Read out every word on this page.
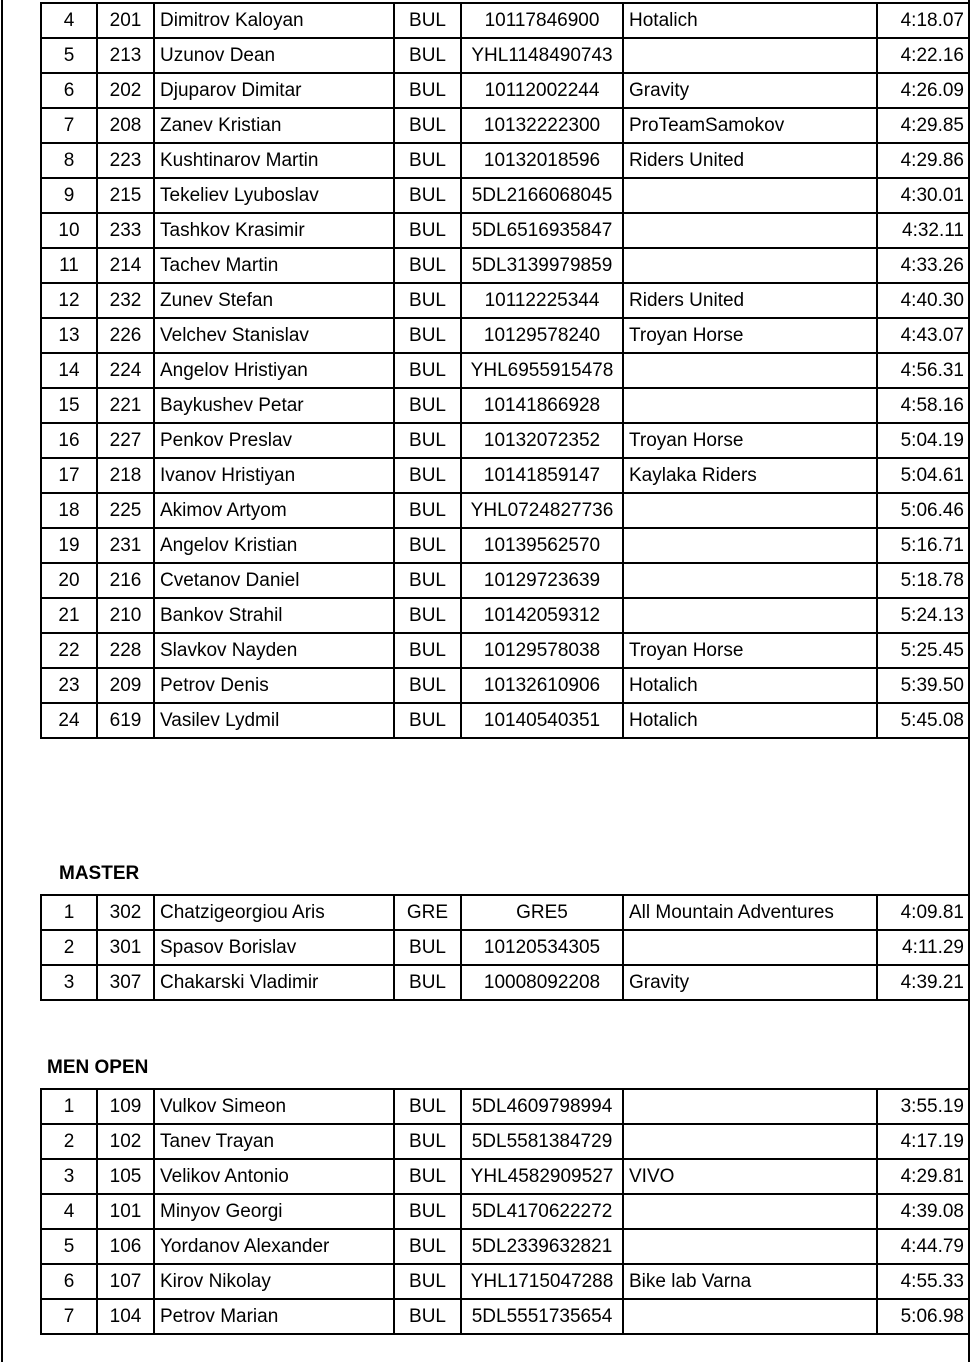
MASTER
MEN OPEN
4	201	Dimitrov Kaloyan	BUL	10117846900	Hotalich	4:18.07
5	213	Uzunov Dean	BUL	YHL1148490743		4:22.16
6	202	Djuparov Dimitar	BUL	10112002244	Gravity	4:26.09
7	208	Zanev Kristian	BUL	10132222300	ProTeamSamokov	4:29.85
8	223	Kushtinarov Martin	BUL	10132018596	Riders United	4:29.86
9	215	Tekeliev Lyuboslav	BUL	5DL2166068045		4:30.01
10	233	Tashkov Krasimir	BUL	5DL6516935847		4:32.11
11	214	Tachev Martin	BUL	5DL3139979859		4:33.26
12	232	Zunev Stefan	BUL	10112225344	Riders United	4:40.30
13	226	Velchev Stanislav	BUL	10129578240	Troyan Horse	4:43.07
14	224	Angelov Hristiyan	BUL	YHL6955915478		4:56.31
15	221	Baykushev Petar	BUL	10141866928		4:58.16
16	227	Penkov Preslav	BUL	10132072352	Troyan Horse	5:04.19
17	218	Ivanov Hristiyan	BUL	10141859147	Kaylaka Riders	5:04.61
18	225	Akimov Artyom	BUL	YHL0724827736		5:06.46
19	231	Angelov Kristian	BUL	10139562570		5:16.71
20	216	Cvetanov Daniel	BUL	10129723639		5:18.78
21	210	Bankov Strahil	BUL	10142059312		5:24.13
22	228	Slavkov Nayden	BUL	10129578038	Troyan Horse	5:25.45
23	209	Petrov Denis	BUL	10132610906	Hotalich	5:39.50
24	619	Vasilev Lydmil	BUL	10140540351	Hotalich	5:45.08
1	302	Chatzigeorgiou Aris	GRE	GRE5	All Mountain Adventures	4:09.81
2	301	Spasov Borislav	BUL	10120534305		4:11.29
3	307	Chakarski Vladimir	BUL	10008092208	Gravity	4:39.21
1	109	Vulkov Simeon	BUL	5DL4609798994		3:55.19
2	102	Tanev Trayan	BUL	5DL5581384729		4:17.19
3	105	Velikov Antonio	BUL	YHL4582909527	VIVO	4:29.81
4	101	Minyov Georgi	BUL	5DL4170622272		4:39.08
5	106	Yordanov Alexander	BUL	5DL2339632821		4:44.79
6	107	Kirov Nikolay	BUL	YHL1715047288	Bike lab Varna	4:55.33
7	104	Petrov Marian	BUL	5DL5551735654		5:06.98
